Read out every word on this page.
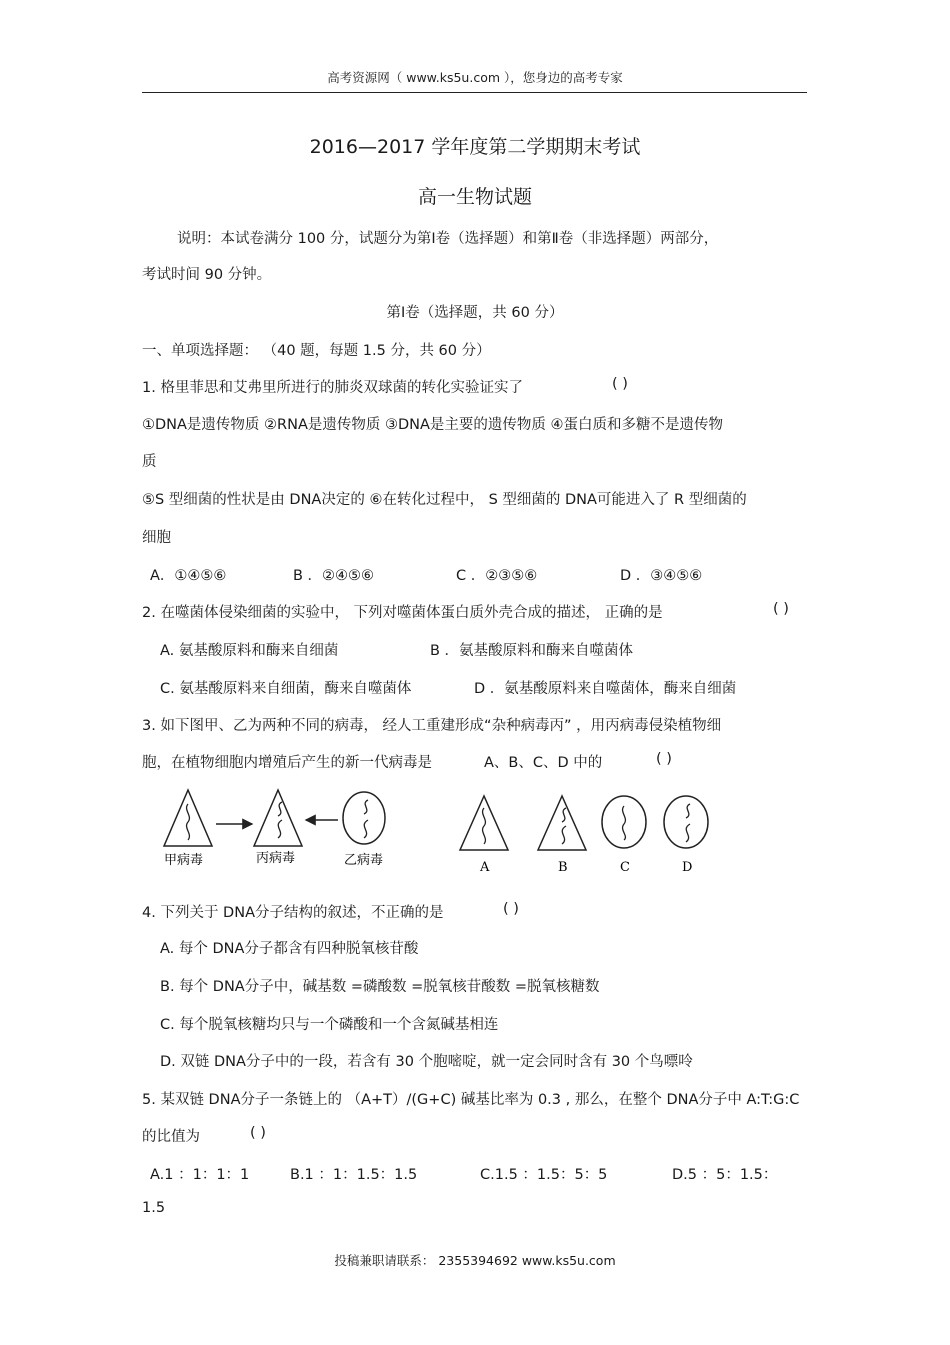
高考资源网（ www.ks5u.com ），您身边的高考专家
2016—2017 学年度第二学期期末考试
高一生物试题
说明：本试卷满分 100 分，试题分为第Ⅰ卷（选择题）和第Ⅱ卷（非选择题）两部分，
考试时间 90 分钟。
第Ⅰ卷（选择题，共 60 分）
一、单项选择题： （40 题，每题 1.5 分，共 60 分）
1. 格里菲思和艾弗里所进行的肺炎双球菌的转化实验证实了	( )
①DNA是遗传物质 ②RNA是遗传物质 ③DNA是主要的遗传物质 ④蛋白质和多糖不是遗传物
质
⑤S 型细菌的性状是由 DNA决定的 ⑥在转化过程中， S 型细菌的 DNA可能进入了 R 型细菌的
细胞
A．①④⑤⑥	B ．②④⑤⑥	C ．②③⑤⑥	D ．③④⑤⑥
2. 在噬菌体侵染细菌的实验中， 下列对噬菌体蛋白质外壳合成的描述， 正确的是	( )
A. 氨基酸原料和酶来自细菌	B ．氨基酸原料和酶来自噬菌体
C. 氨基酸原料来自细菌，酶来自噬菌体	D ．氨基酸原料来自噬菌体，酶来自细菌
3. 如下图甲、乙为两种不同的病毒， 经人工重建形成“杂种病毒丙” ，用丙病毒侵染植物细
胞，在植物细胞内增殖后产生的新一代病毒是	A、B、C、D 中的	( )
甲病毒	丙病毒	乙病毒	A	B	C	D
4. 下列关于 DNA分子结构的叙述，不正确的是	( )
A. 每个 DNA分子都含有四种脱氧核苷酸
B. 每个 DNA分子中，碱基数 =磷酸数 =脱氧核苷酸数 =脱氧核糖数
C. 每个脱氧核糖均只与一个磷酸和一个含氮碱基相连
D. 双链 DNA分子中的一段，若含有 30 个胞嘧啶，就一定会同时含有 30 个鸟嘌呤
5. 某双链 DNA分子一条链上的 （A+T）/(G+C) 碱基比率为 0.3 , 那么，在整个 DNA分子中 A:T:G:C
的比值为	( )
A.1 ：1：1：1	B.1 ：1：1.5：1.5	C.1.5 ：1.5：5：5	D.5 ：5：1.5：
1.5
投稿兼职请联系： 2355394692 www.ks5u.com
